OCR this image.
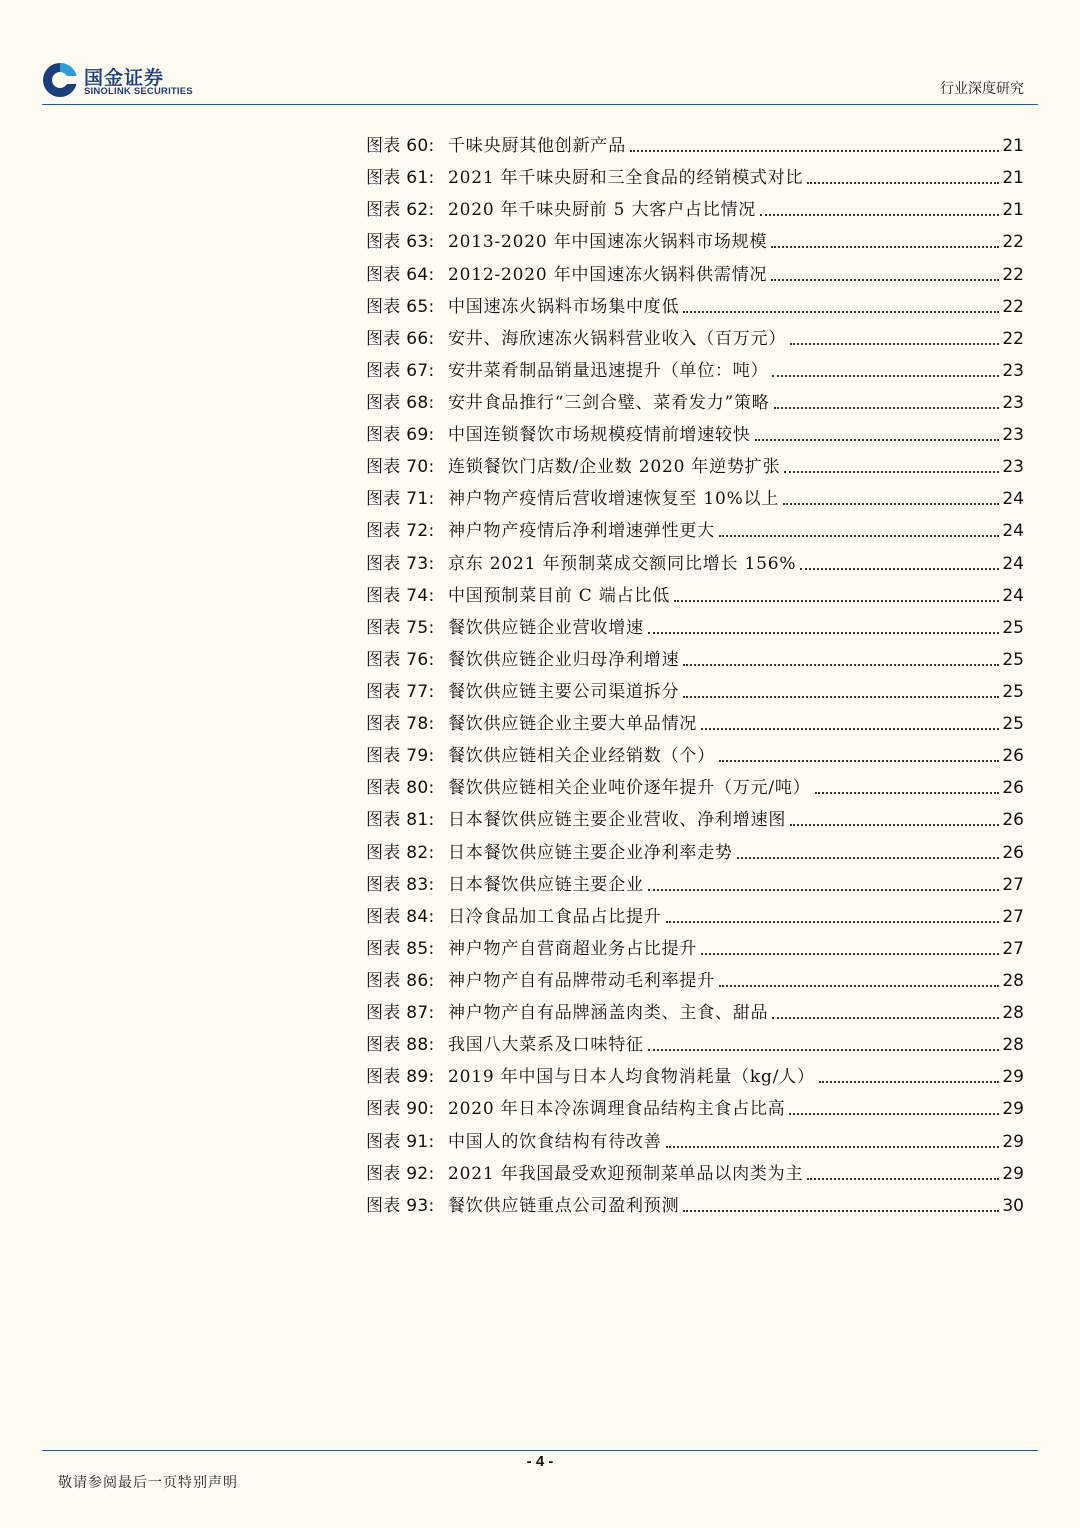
国金证券
SINOLINK SECURITIES	行业深度研究
图表 60: 千味央厨其他创新产品	21
图表 61: 2021 年千味央厨和三全食品的经销模式对比	21
图表 62: 2020 年千味央厨前 5 大客户占比情况	21
图表 63: 2013-2020 年中国速冻火锅料市场规模	22
图表 64: 2012-2020 年中国速冻火锅料供需情况	22
图表 65: 中国速冻火锅料市场集中度低	22
图表 66: 安井、海欣速冻火锅料营业收入（百万元）	22
图表 67: 安井菜肴制品销量迅速提升（单位：吨）	23
图表 68: 安井食品推行“三剑合璧、菜肴发力”策略	23
图表 69: 中国连锁餐饮市场规模疫情前增速较快	23
图表 70: 连锁餐饮门店数/企业数 2020 年逆势扩张	23
图表 71: 神户物产疫情后营收增速恢复至 10%以上	24
图表 72: 神户物产疫情后净利增速弹性更大	24
图表 73: 京东 2021 年预制菜成交额同比增长 156%	24
图表 74: 中国预制菜目前 C 端占比低	24
图表 75: 餐饮供应链企业营收增速	25
图表 76: 餐饮供应链企业归母净利增速	25
图表 77: 餐饮供应链主要公司渠道拆分	25
图表 78: 餐饮供应链企业主要大单品情况	25
图表 79: 餐饮供应链相关企业经销数（个）	26
图表 80: 餐饮供应链相关企业吨价逐年提升（万元/吨）	26
图表 81: 日本餐饮供应链主要企业营收、净利增速图	26
图表 82: 日本餐饮供应链主要企业净利率走势	26
图表 83: 日本餐饮供应链主要企业	27
图表 84: 日冷食品加工食品占比提升	27
图表 85: 神户物产自营商超业务占比提升	27
图表 86: 神户物产自有品牌带动毛利率提升	28
图表 87: 神户物产自有品牌涵盖肉类、主食、甜品	28
图表 88: 我国八大菜系及口味特征	28
图表 89: 2019 年中国与日本人均食物消耗量（kg/人）	29
图表 90: 2020 年日本冷冻调理食品结构主食占比高	29
图表 91: 中国人的饮食结构有待改善	29
图表 92: 2021 年我国最受欢迎预制菜单品以肉类为主	29
图表 93: 餐饮供应链重点公司盈利预测	30
- 4 -
敬请参阅最后一页特别声明
